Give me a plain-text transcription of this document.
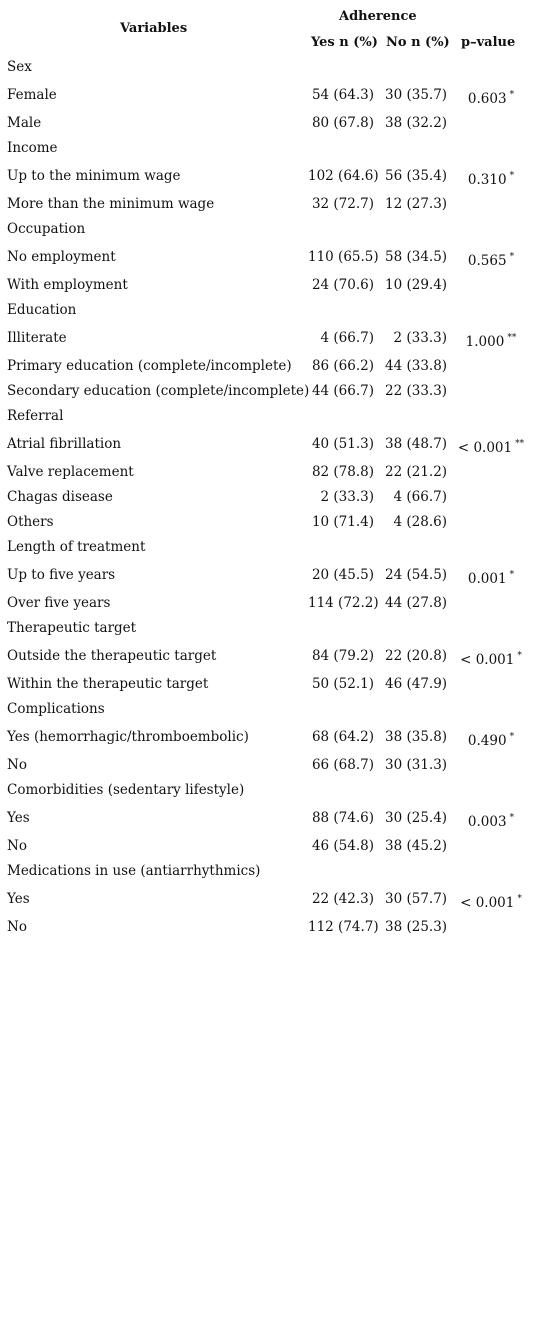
Variables
Adherence
Yes n (%) No n (%) p–value
Sex
Female	54 (64.3) 30 (35.7)	0.603 *
Male	80 (67.8) 38 (32.2)
Income
Up to the minimum wage	102 (64.6) 56 (35.4)	0.310 *
More than the minimum wage	32 (72.7) 12 (27.3)
Occupation
No employment	110 (65.5) 58 (34.5)	0.565 *
With employment	24 (70.6) 10 (29.4)
Education
Illiterate	4 (66.7)	2 (33.3)	1.000 **
Primary education (complete/incomplete) 86 (66.2) 44 (33.8)
Secondary education (complete/incomplete) 44 (66.7) 22 (33.3)
Referral
Atrial fibrillation	40 (51.3) 38 (48.7) < 0.001 **
Valve replacement	82 (78.8) 22 (21.2)
Chagas disease	2 (33.3)	4 (66.7)
Others	10 (71.4)	4 (28.6)
Length of treatment
Up to five years	20 (45.5) 24 (54.5)	0.001 *
Over five years	114 (72.2) 44 (27.8)
Therapeutic target
Outside the therapeutic target	84 (79.2) 22 (20.8) < 0.001 *
Within the therapeutic target	50 (52.1) 46 (47.9)
Complications
Yes (hemorrhagic/thromboembolic)	68 (64.2) 38 (35.8)	0.490 *
No	66 (68.7) 30 (31.3)
Comorbidities (sedentary lifestyle)
Yes	88 (74.6) 30 (25.4)	0.003 *
No	46 (54.8) 38 (45.2)
Medications in use (antiarrhythmics)
Yes	22 (42.3) 30 (57.7) < 0.001 *
No	112 (74.7) 38 (25.3)
